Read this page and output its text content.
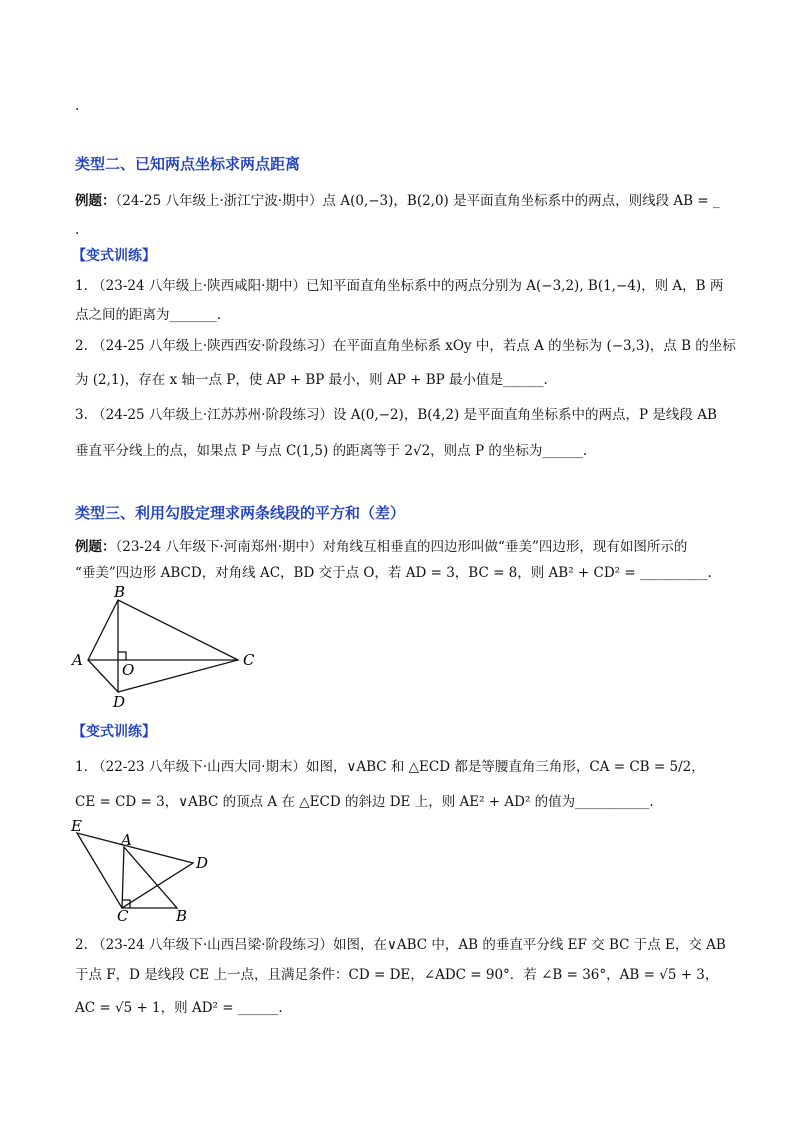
.
类型二、已知两点坐标求两点距离
例题：（24-25 八年级上·浙江宁波·期中）点 A(0,−3)，B(2,0) 是平面直角坐标系中的两点，则线段 AB = _
.
【变式训练】
1. （23-24 八年级上·陕西咸阳·期中）已知平面直角坐标系中的两点分别为 A(−3,2), B(1,−4)，则 A，B 两
点之间的距离为_______.
2. （24-25 八年级上·陕西西安·阶段练习）在平面直角坐标系 xOy 中，若点 A 的坐标为 (−3,3)，点 B 的坐标
为 (2,1)，存在 x 轴一点 P，使 AP + BP 最小，则 AP + BP 最小值是______.
3. （24-25 八年级上·江苏苏州·阶段练习）设 A(0,−2)，B(4,2) 是平面直角坐标系中的两点，P 是线段 AB
垂直平分线上的点，如果点 P 与点 C(1,5) 的距离等于 2√2，则点 P 的坐标为______.
类型三、利用勾股定理求两条线段的平方和（差）
例题：（23-24 八年级下·河南郑州·期中）对角线互相垂直的四边形叫做“垂美”四边形，现有如图所示的
“垂美”四边形 ABCD，对角线 AC，BD 交于点 O，若 AD = 3，BC = 8，则 AB² + CD² = __________.
B
A	C
D
O
【变式训练】
1. （22-23 八年级下·山西大同·期末）如图，∨ABC 和 △ECD 都是等腰直角三角形，CA = CB = 5/2，
CE = CD = 3，∨ABC 的顶点 A 在 △ECD 的斜边 DE 上，则 AE² + AD² 的值为___________.
E
A
D
C	B
2. （23-24 八年级下·山西吕梁·阶段练习）如图，在∨ABC 中，AB 的垂直平分线 EF 交 BC 于点 E，交 AB
于点 F，D 是线段 CE 上一点，且满足条件：CD = DE，∠ADC = 90°．若 ∠B = 36°，AB = √5 + 3，
AC = √5 + 1，则 AD² = ______.
